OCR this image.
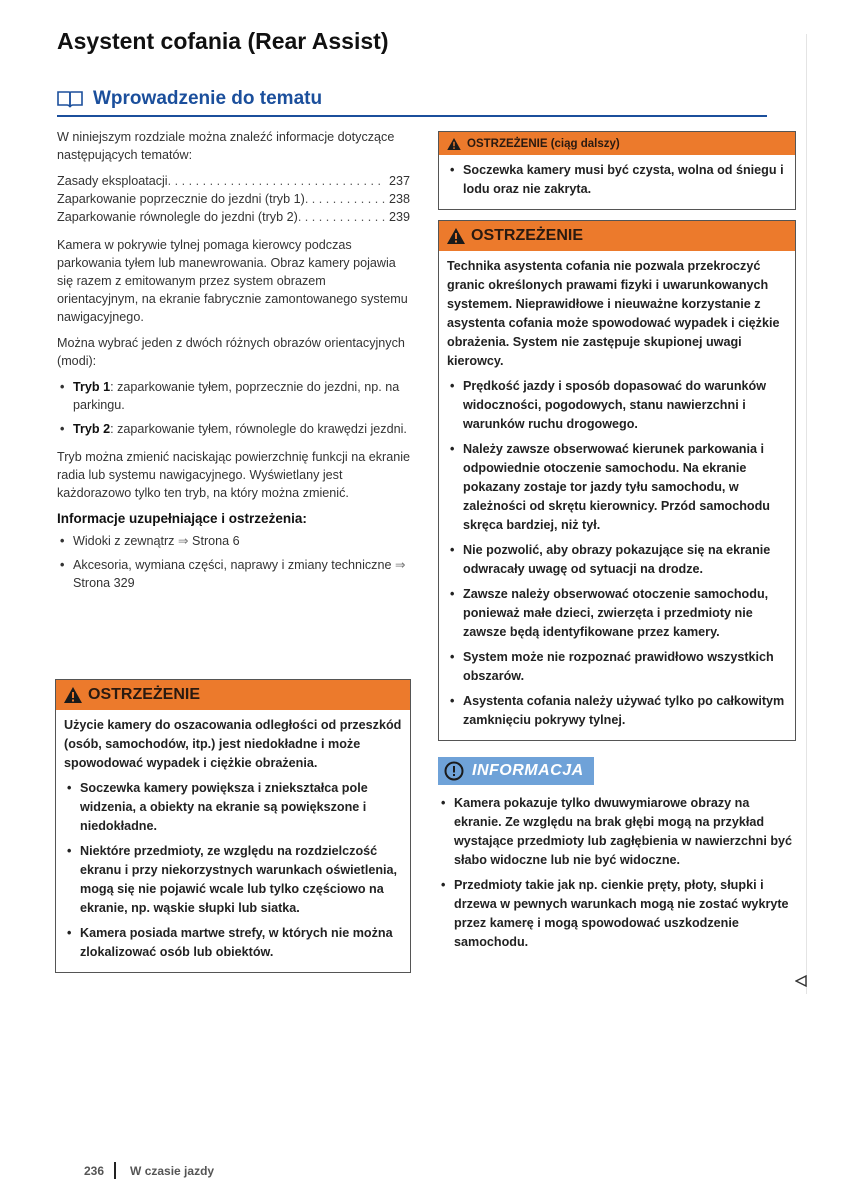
Asystent cofania (Rear Assist)
Wprowadzenie do tematu

W niniejszym rozdziale można znaleźć informacje dotyczące następujących tematów:

Zasady eksploatacji . . .	237
Zaparkowanie poprzecznie do jezdni (tryb 1) . . .	238
Zaparkowanie równolegle do jezdni (tryb 2) . . .	239

Kamera w pokrywie tylnej pomaga kierowcy podczas parkowania tyłem lub manewrowania. Obraz kamery pojawia się razem z emitowanym przez system obrazem orientacyjnym, na ekranie fabrycznie zamontowanego systemu nawigacyjnego.

Można wybrać jeden z dwóch różnych obrazów orientacyjnych (modi):

• Tryb 1: zaparkowanie tyłem, poprzecznie do jezdni, np. na parkingu.
• Tryb 2: zaparkowanie tyłem, równolegle do krawędzi jezdni.

Tryb można zmienić naciskając powierzchnię funkcji na ekranie radia lub systemu nawigacyjnego. Wyświetlany jest każdorazowo tylko ten tryb, na który można zmienić.

Informacje uzupełniające i ostrzeżenia:
• Widoki z zewnątrz ⇒ Strona 6
• Akcesoria, wymiana części, naprawy i zmiany techniczne ⇒ Strona 329
OSTRZEŻENIE

Użycie kamery do oszacowania odległości od przeszkód (osób, samochodów, itp.) jest niedokładne i może spowodować wypadek i ciężkie obrażenia.

• Soczewka kamery powiększa i zniekształca pole widzenia, a obiekty na ekranie są powiększone i niedokładne.
• Niektóre przedmioty, ze względu na rozdzielczość ekranu i przy niekorzystnych warunkach oświetlenia, mogą się nie pojawić wcale lub tylko częściowo na ekranie, np. wąskie słupki lub siatka.
• Kamera posiada martwe strefy, w których nie można zlokalizować osób lub obiektów.
OSTRZEŻENIE (ciąg dalszy)
• Soczewka kamery musi być czysta, wolna od śniegu i lodu oraz nie zakryta.
OSTRZEŻENIE

Technika asystenta cofania nie pozwala przekroczyć granic określonych prawami fizyki i uwarunkowanych systemem. Nieprawidłowe i nieuważne korzystanie z asystenta cofania może spowodować wypadek i ciężkie obrażenia. System nie zastępuje skupionej uwagi kierowcy.

• Prędkość jazdy i sposób dopasować do warunków widoczności, pogodowych, stanu nawierzchni i warunków ruchu drogowego.
• Należy zawsze obserwować kierunek parkowania i odpowiednie otoczenie samochodu. Na ekranie pokazany zostaje tor jazdy tyłu samochodu, w zależności od skrętu kierownicy. Przód samochodu skręca bardziej, niż tył.
• Nie pozwolić, aby obrazy pokazujące się na ekranie odwracały uwagę od sytuacji na drodze.
• Zawsze należy obserwować otoczenie samochodu, ponieważ małe dzieci, zwierzęta i przedmioty nie zawsze będą identyfikowane przez kamery.
• System może nie rozpoznać prawidłowo wszystkich obszarów.
• Asystenta cofania należy używać tylko po całkowitym zamknięciu pokrywy tylnej.
INFORMACJA
• Kamera pokazuje tylko dwuwymiarowe obrazy na ekranie. Ze względu na brak głębi mogą na przykład wystające przedmioty lub zagłębienia w nawierzchni być słabo widoczne lub nie być widoczne.
• Przedmioty takie jak np. cienkie pręty, płoty, słupki i drzewa w pewnych warunkach mogą nie zostać wykryte przez kamerę i mogą spowodować uszkodzenie samochodu.
236 W czasie jazdy
